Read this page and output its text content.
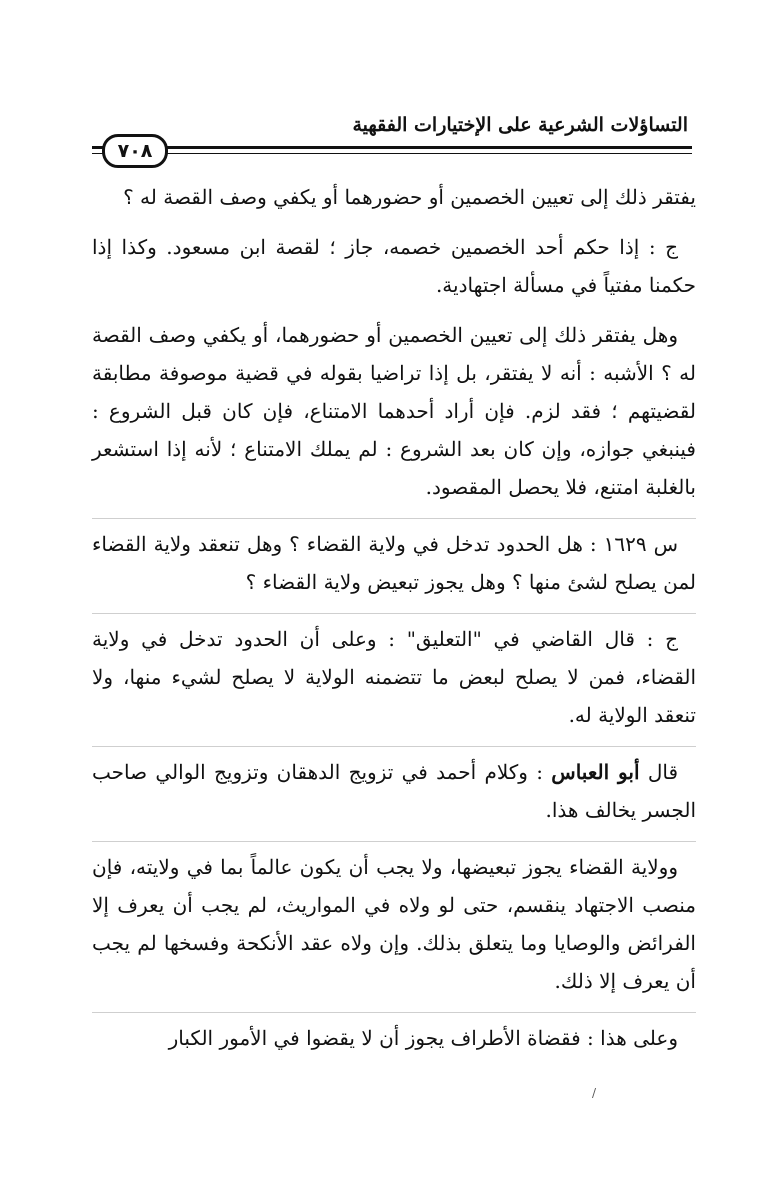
التساؤلات الشرعية على الإختيارات الفقهية
٧٠٨

يفتقر ذلك إلى تعيين الخصمين أو حضورهما أو يكفي وصف القصة له ؟

ج : إذا حكم أحد الخصمين خصمه، جاز ؛ لقصة ابن مسعود. وكذا إذا حكمنا مفتياً في مسألة اجتهادية.

وهل يفتقر ذلك إلى تعيين الخصمين أو حضورهما، أو يكفي وصف القصة له ؟ الأشبه : أنه لا يفتقر، بل إذا تراضيا بقوله في قضية موصوفة مطابقة لقضيتهم ؛ فقد لزم. فإن أراد أحدهما الامتناع، فإن كان قبل الشروع : فينبغي جوازه، وإن كان بعد الشروع : لم يملك الامتناع ؛ لأنه إذا استشعر بالغلبة امتنع، فلا يحصل المقصود.

س ١٦٢٩ : هل الحدود تدخل في ولاية القضاء ؟ وهل تنعقد ولاية القضاء لمن يصلح لشئ منها ؟ وهل يجوز تبعيض ولاية القضاء ؟

ج : قال القاضي في "التعليق" : وعلى أن الحدود تدخل في ولاية القضاء، فمن لا يصلح لبعض ما تتضمنه الولاية لا يصلح لشيء منها، ولا تنعقد الولاية له.

قال أبو العباس : وكلام أحمد في تزويج الدهقان وتزويج الوالي صاحب الجسر يخالف هذا.

وولاية القضاء يجوز تبعيضها، ولا يجب أن يكون عالماً بما في ولايته، فإن منصب الاجتهاد ينقسم، حتى لو ولاه في المواريث، لم يجب أن يعرف إلا الفرائض والوصايا وما يتعلق بذلك. وإن ولاه عقد الأنكحة وفسخها لم يجب أن يعرف إلا ذلك.

وعلى هذا : فقضاة الأطراف يجوز أن لا يقضوا في الأمور الكبار

/
